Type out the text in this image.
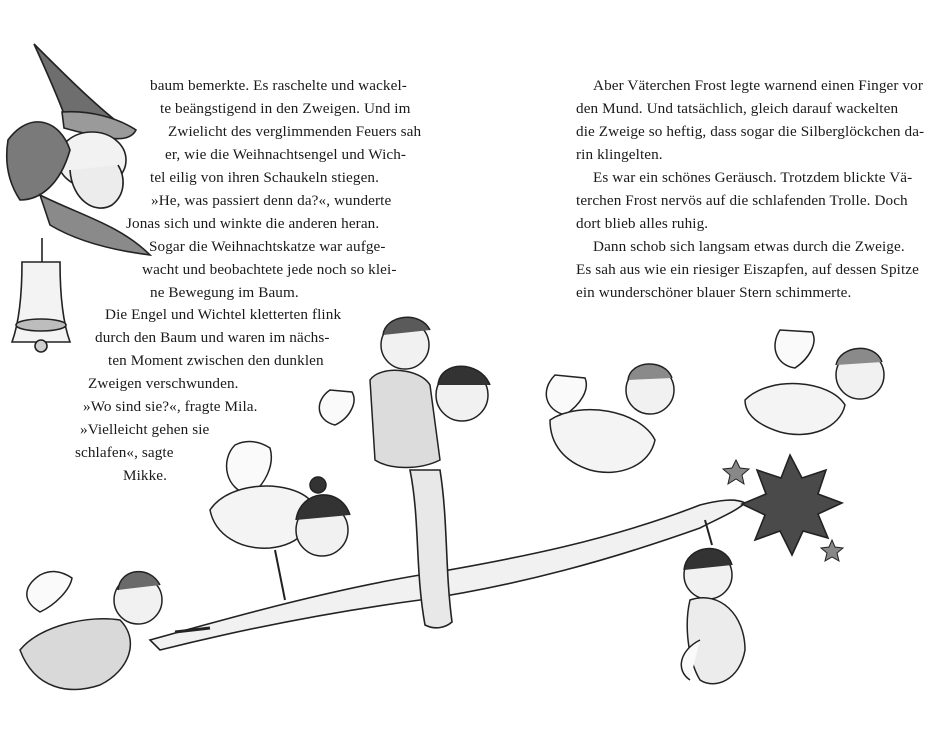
baum bemerkte. Es raschelte und wackel-
te beängstigend in den Zweigen. Und im
Zwielicht des verglimmenden Feuers sah
er, wie die Weihnachtsengel und Wich-
tel eilig von ihren Schaukeln stiegen.
»He, was passiert denn da?«, wunderte
Jonas sich und winkte die anderen heran.
Sogar die Weihnachtskatze war aufge-
wacht und beobachtete jede noch so klei-
ne Bewegung im Baum.
Die Engel und Wichtel kletterten flink
durch den Baum und waren im nächs-
ten Moment zwischen den dunklen
Zweigen verschwunden.
»Wo sind sie?«, fragte Mila.
»Vielleicht gehen sie
schlafen«, sagte
Mikke.
Aber Väterchen Frost legte warnend einen Finger vor
den Mund. Und tatsächlich, gleich darauf wackelten
die Zweige so heftig, dass sogar die Silberglöckchen da-
rin klingelten.
Es war ein schönes Geräusch. Trotzdem blickte Vä-
terchen Frost nervös auf die schlafenden Trolle. Doch
dort blieb alles ruhig.
Dann schob sich langsam etwas durch die Zweige.
Es sah aus wie ein riesiger Eiszapfen, auf dessen Spitze
ein wunderschöner blauer Stern schimmerte.
